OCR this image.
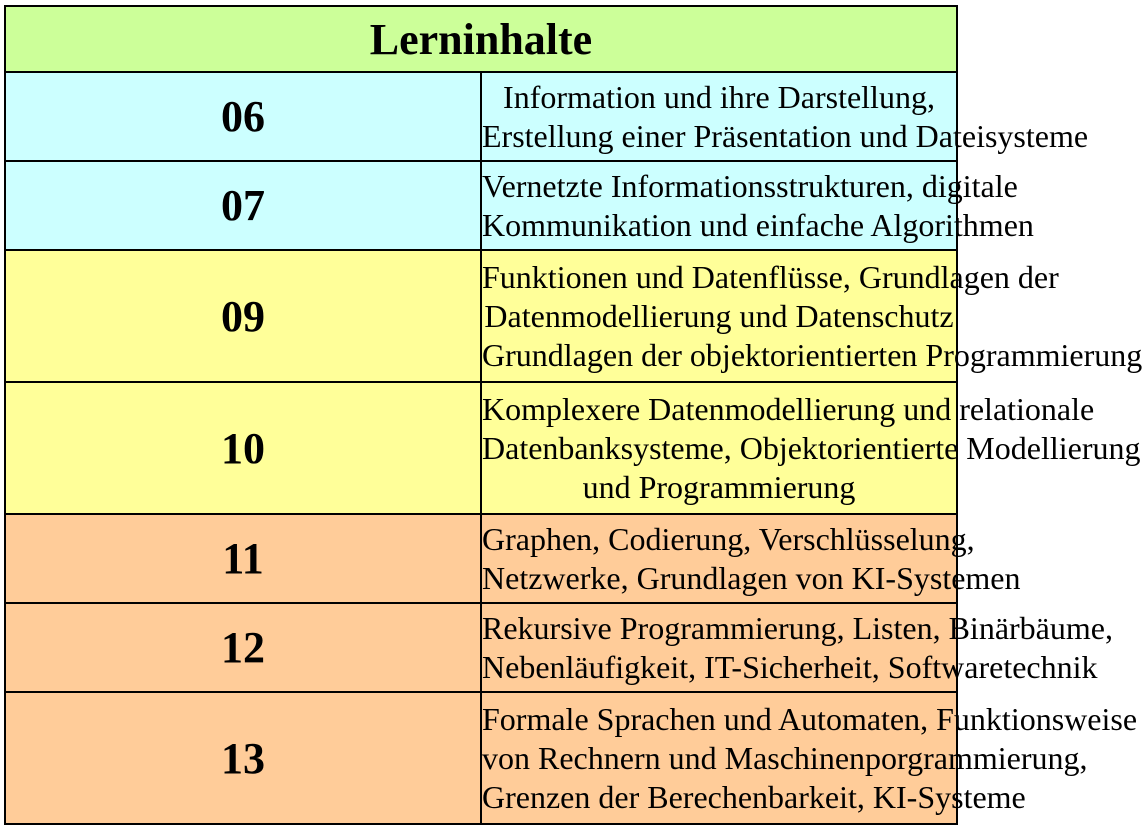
Lerninhalte	
06	Information und ihre Darstellung,
Erstellung einer Präsentation und Dateisysteme

07	Vernetzte Informationsstrukturen, digitale
Kommunikation und einfache Algorithmen

09	Funktionen und Datenflüsse, Grundlagen der
Datenmodellierung und Datenschutz
Grundlagen der objektorientierten Programmierung

10	Komplexere Datenmodellierung und relationale
Datenbanksysteme, Objektorientierte Modellierung
und Programmierung

11	Graphen, Codierung, Verschlüsselung,
Netzwerke, Grundlagen von KI-Systemen

12	Rekursive Programmierung, Listen, Binärbäume,
Nebenläufigkeit, IT-Sicherheit, Softwaretechnik

13	Formale Sprachen und Automaten, Funktionsweise
von Rechnern und Maschinenporgrammierung,
Grenzen der Berechenbarkeit, KI-Systeme
